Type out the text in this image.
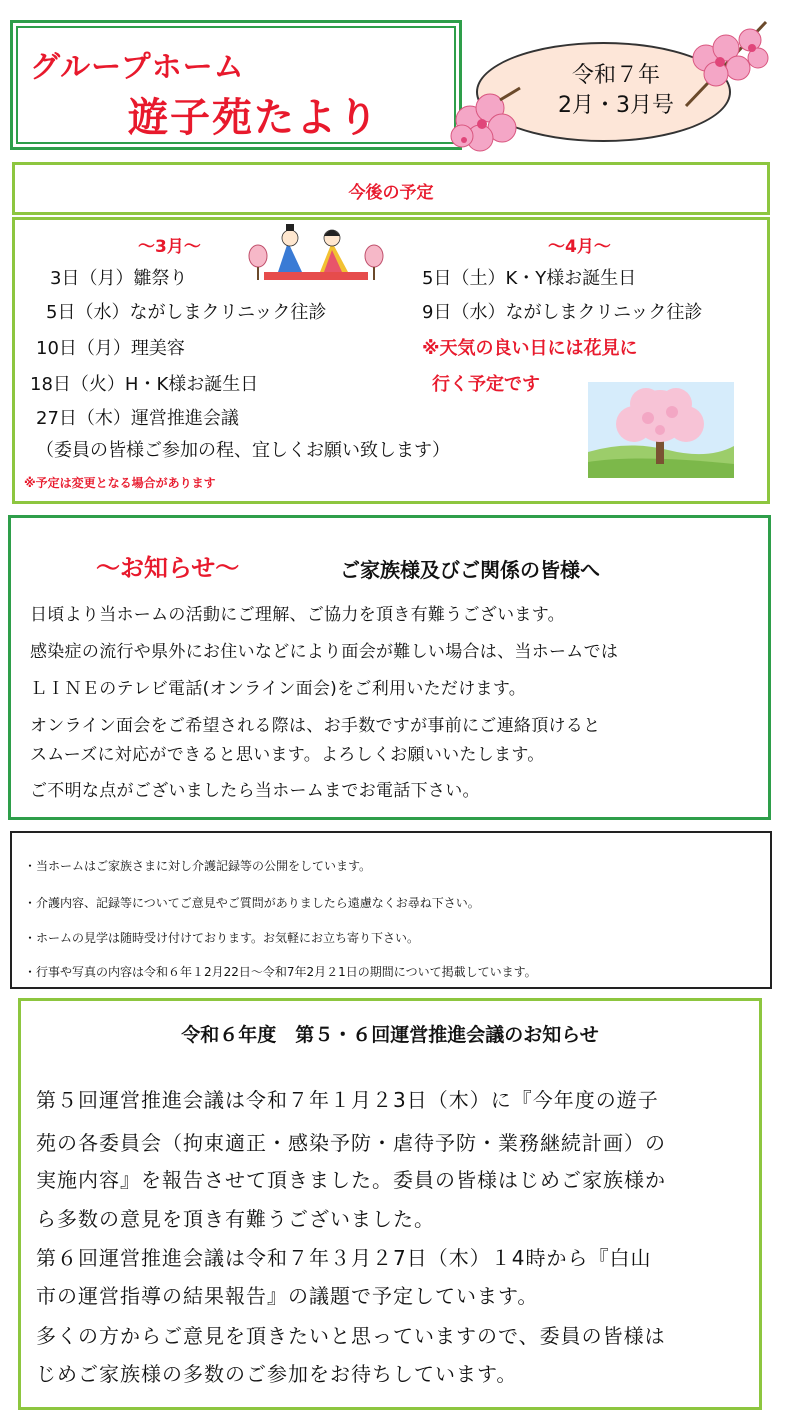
グループホーム
遊子苑たより
令和７年
2月・3月号
今後の予定
～3月～	～4月～
3日（月）雛祭り
5日（水）ながしまクリニック往診
10日（月）理美容
18日（火）H・K様お誕生日
27日（木）運営推進会議
（委員の皆様ご参加の程、宜しくお願い致します）
5日（土）K・Y様お誕生日
9日（水）ながしまクリニック往診
※天気の良い日には花見に
行く予定です
※予定は変更となる場合があります
～お知らせ～	ご家族様及びご関係の皆様へ
日頃より当ホームの活動にご理解、ご協力を頂き有難うございます。
感染症の流行や県外にお住いなどにより面会が難しい場合は、当ホームでは
ＬＩＮＥのテレビ電話(オンライン面会)をご利用いただけます。
オンライン面会をご希望される際は、お手数ですが事前にご連絡頂けると
スムーズに対応ができると思います。よろしくお願いいたします。
ご不明な点がございましたら当ホームまでお電話下さい。
・当ホームはご家族さまに対し介護記録等の公開をしています。
・介護内容、記録等についてご意見やご質問がありましたら遠慮なくお尋ね下さい。
・ホームの見学は随時受け付けております。お気軽にお立ち寄り下さい。
・行事や写真の内容は令和６年１2月22日～令和7年2月２1日の期間について掲載しています。
令和６年度　第５・６回運営推進会議のお知らせ
第５回運営推進会議は令和７年１月２3日（木）に『今年度の遊子
苑の各委員会（拘束適正・感染予防・虐待予防・業務継続計画）の
実施内容』を報告させて頂きました。委員の皆様はじめご家族様か
ら多数の意見を頂き有難うございました。
第６回運営推進会議は令和７年３月２7日（木）１4時から『白山
市の運営指導の結果報告』の議題で予定しています。
多くの方からご意見を頂きたいと思っていますので、委員の皆様は
じめご家族様の多数のご参加をお待ちしています。
